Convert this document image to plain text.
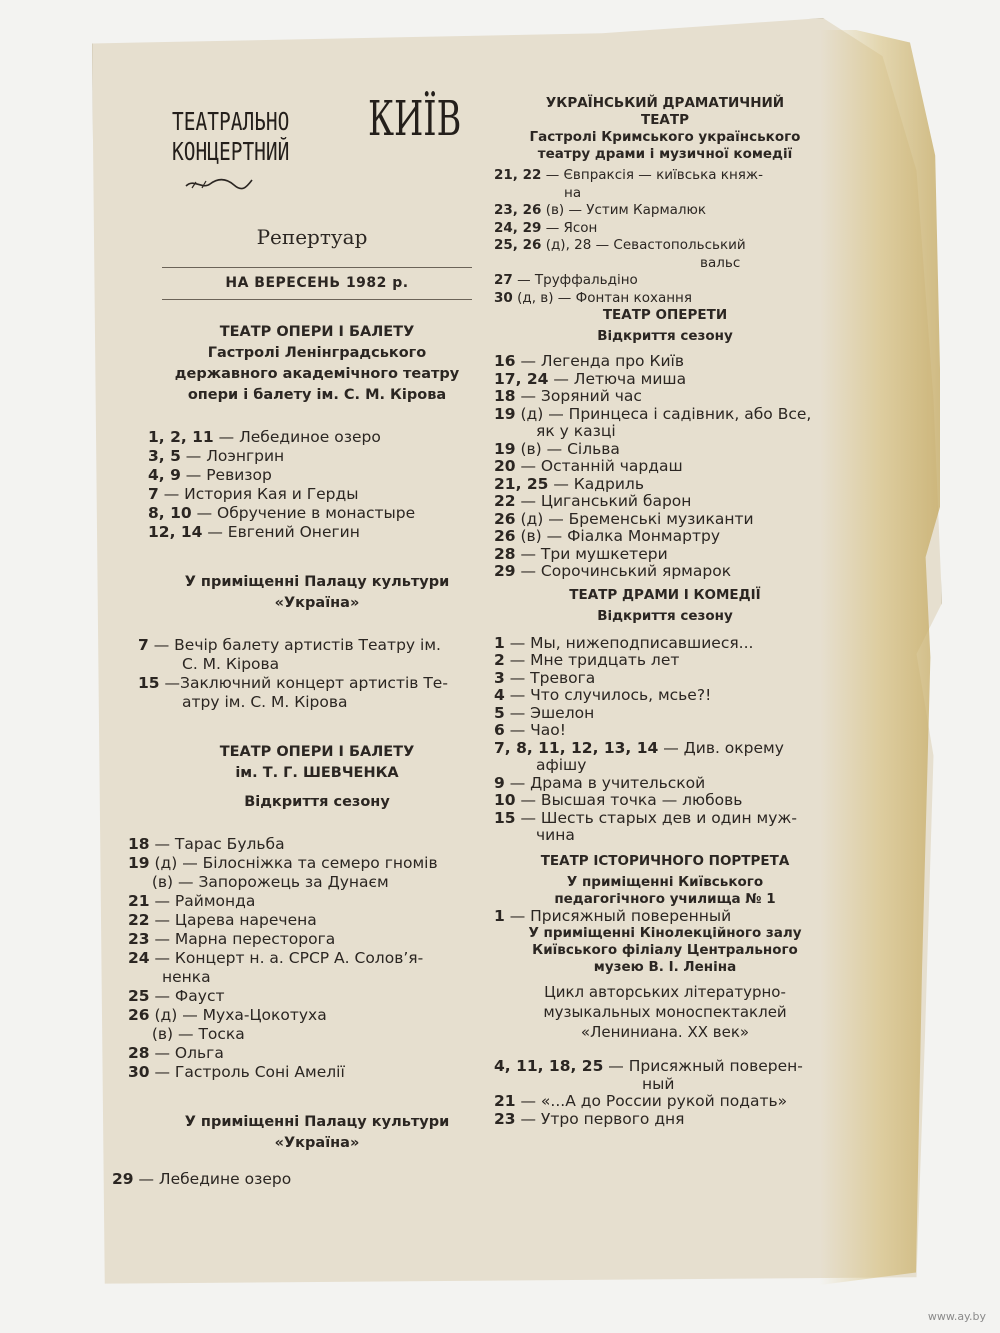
ТЕАТРАЛЬНО
КОНЦЕРТНИЙ
КИЇВ
Репертуар
НА ВЕРЕСЕНЬ 1982 р.
ТЕАТР ОПЕРИ І БАЛЕТУ
Гастролі Ленінградського
державного академічного театру
опери і балету ім. С. М. Кірова
1, 2, 11 — Лебединое озеро
3, 5 — Лоэнгрин
4, 9 — Ревизор
7 — История Кая и Герды
8, 10 — Обручение в монастыре
12, 14 — Евгений Онегин
У приміщенні Палацу культури
«Україна»
7 — Вечір балету артистів Театру ім.
С. М. Кірова
15 —Заключний концерт артистів Те-
атру ім. С. М. Кірова
ТЕАТР ОПЕРИ І БАЛЕТУ
ім. Т. Г. ШЕВЧЕНКА
Відкриття сезону
18 — Тарас Бульба
19 (д) — Білосніжка та семеро гномів
(в) — Запорожець за Дунаєм
21 — Раймонда
22 — Царева наречена
23 — Марна пересторога
24 — Концерт н. а. СРСР А. Солов’я-
ненка
25 — Фауст
26 (д) — Муха-Цокотуха
(в) — Тоска
28 — Ольга
30 — Гастроль Соні Амелії
У приміщенні Палацу культури
«Україна»
29 — Лебедине озеро
УКРАЇНСЬКИЙ ДРАМАТИЧНИЙ
ТЕАТР
Гастролі Кримського українського
театру драми і музичної комедії
21, 22 — Євпраксія — київська княж-
на
23, 26 (в) — Устим Кармалюк
24, 29 — Ясон
25, 26 (д), 28 — Севастопольський
вальс
27 — Труффальдіно
30 (д, в) — Фонтан кохання
ТЕАТР ОПЕРЕТИ
Відкриття сезону
16 — Легенда про Київ
17, 24 — Летюча миша
18 — Зоряний час
19 (д) — Принцеса і садівник, або Все,
як у казці
19 (в) — Сільва
20 — Останній чардаш
21, 25 — Кадриль
22 — Циганський барон
26 (д) — Бременські музиканти
26 (в) — Фіалка Монмартру
28 — Три мушкетери
29 — Сорочинський ярмарок
ТЕАТР ДРАМИ І КОМЕДІЇ
Відкриття сезону
1 — Мы, нижеподписавшиеся...
2 — Мне тридцать лет
3 — Тревога
4 — Что случилось, мсье?!
5 — Эшелон
6 — Чао!
7, 8, 11, 12, 13, 14 — Див. окрему
афішу
9 — Драма в учительской
10 — Высшая точка — любовь
15 — Шесть старых дев и один муж-
чина
ТЕАТР ІСТОРИЧНОГО ПОРТРЕТА
У приміщенні Київського
педагогічного училища № 1
1 — Присяжный поверенный
У приміщенні Кінолекційного залу
Київського філіалу Центрального
музею В. І. Леніна
Цикл авторських літературно-
музыкальных моноспектаклей
«Лениниана. XX век»
4, 11, 18, 25 — Присяжный поверен-
ный
21 — «...А до России рукой подать»
23 — Утро первого дня
www.ay.by
